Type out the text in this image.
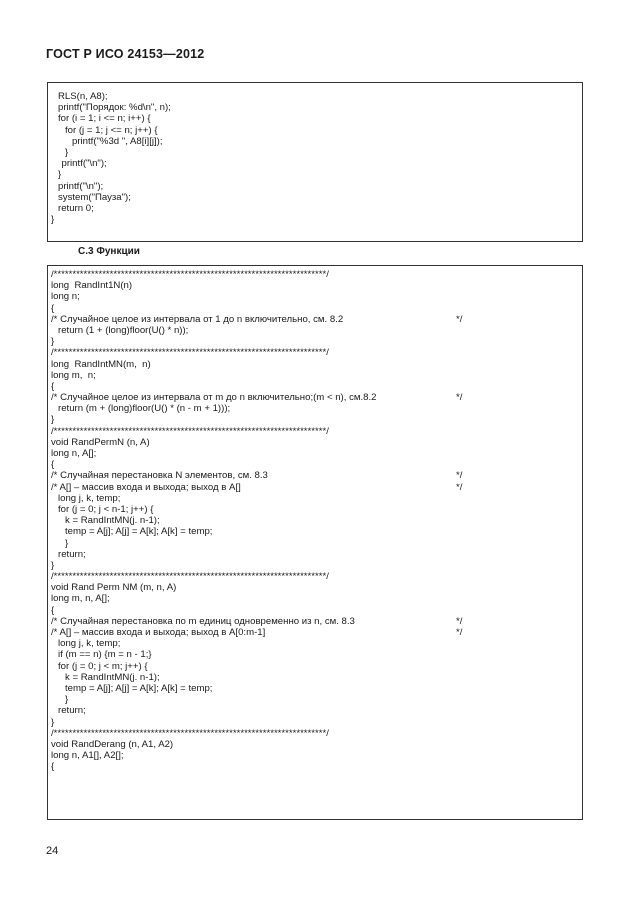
ГОСТ Р ИСО 24153—2012
RLS(n, A8);
printf("Порядок: %d\n", n);
for (i = 1; i <= n; i++) {
for (j = 1; j <= n; j++) {
printf("%3d ", A8[i][j]);
}
printf("\n");
}
printf("\n");
system("Пауза");
return 0;
}
С.3 Функции
/*************************************************************************/
long  RandInt1N(n)
long n;
{
/* Случайное целое из интервала от 1 до n включительно, см. 8.2	*/
return (1 + (long)floor(U() * n));
}
/*************************************************************************/
long  RandIntMN(m,  n)
long m,  n;
{
/* Случайное целое из интервала от m до n включительно;(m < n), см.8.2	*/
return (m + (long)floor(U() * (n - m + 1)));
}
/*************************************************************************/
void RandPermN (n, A)
long n, A[];
{
/* Случайная перестановка N элементов, см. 8.3	*/
/* A[] – массив входа и выхода; выход в A[]	*/
long j, k, temp;
for (j = 0; j < n-1; j++) {
k = RandIntMN(j. n-1);
temp = A[j]; A[j] = A[k]; A[k] = temp;
}
return;
}
/*************************************************************************/
void Rand Perm NM (m, n, A)
long m, n, A[];
{
/* Случайная перестановка по m единиц одновременно из n, см. 8.3	*/
/* A[] – массив входа и выхода; выход в A[0:m-1]	*/
long j, k, temp;
if (m == n) {m = n - 1;}
for (j = 0; j < m; j++) {
k = RandIntMN(j. n-1);
temp = A[j]; A[j] = A[k]; A[k] = temp;
}
return;
}
/*************************************************************************/
void RandDerang (n, A1, A2)
long n, A1[], A2[];
{
24
